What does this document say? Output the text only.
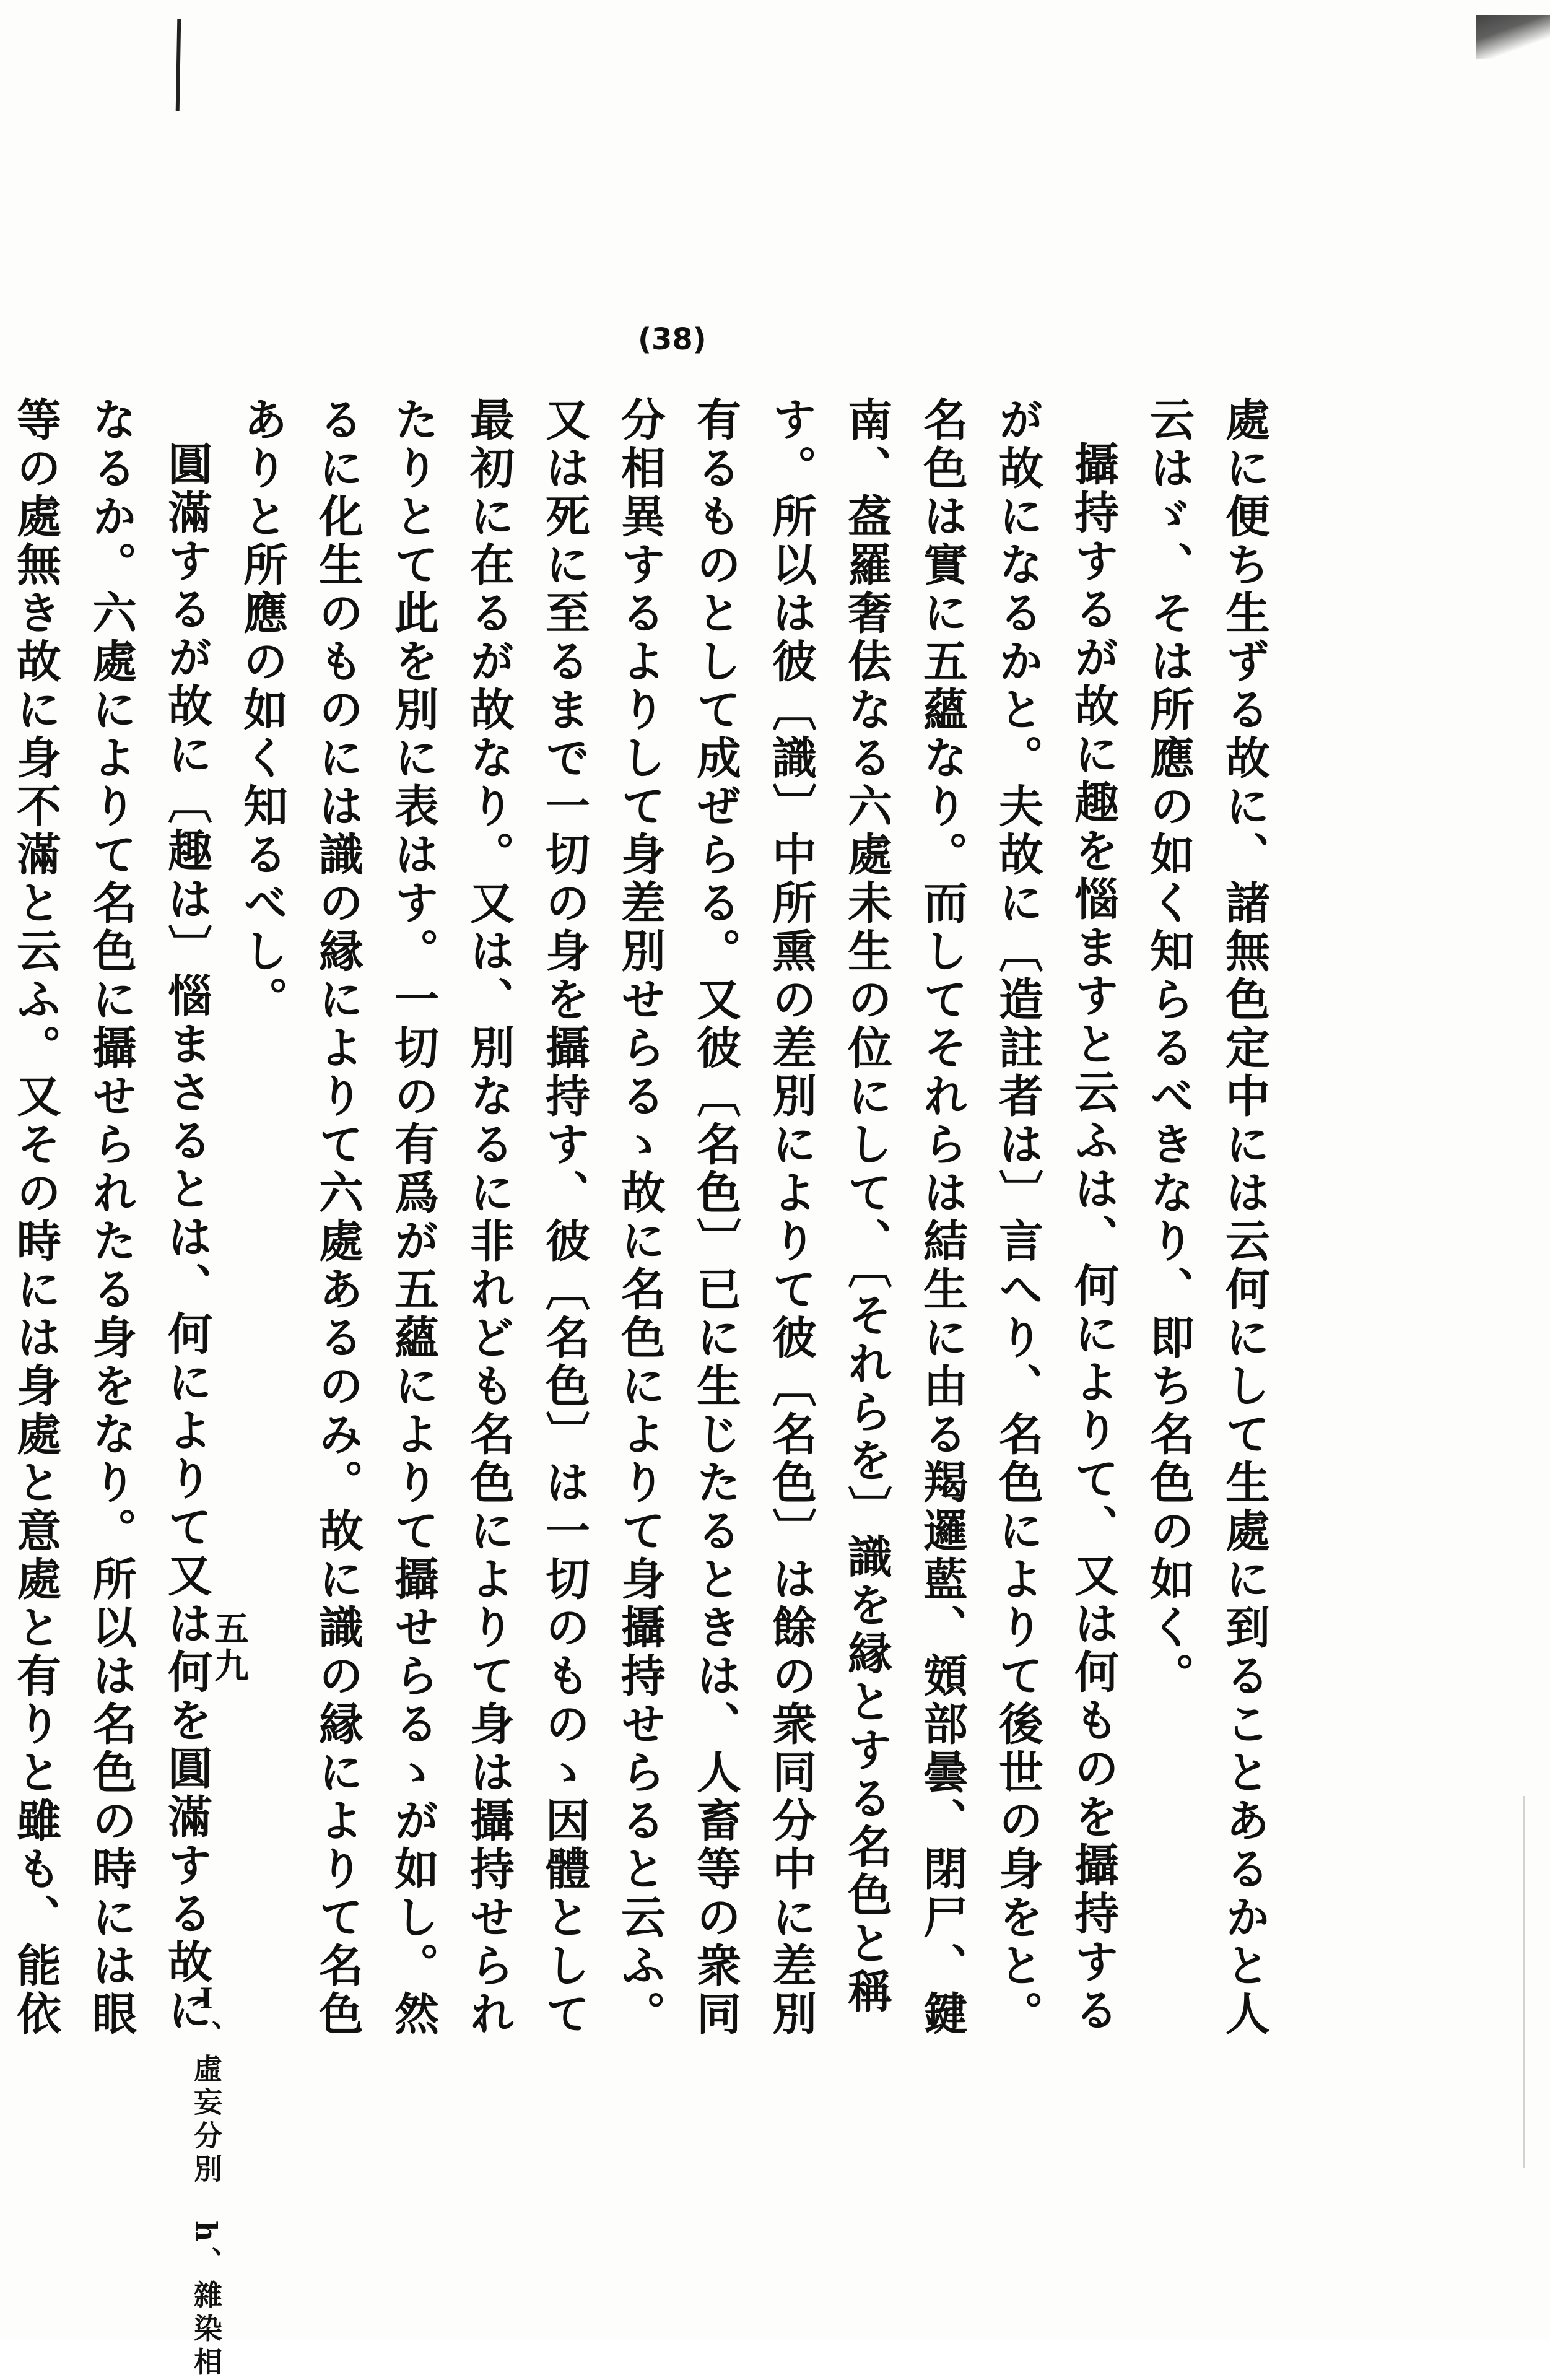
(38)

處に便ち生ずる故に、諸無色定中には云何にして生處に到ることあるかと人云はゞ、そは所應の如く知らるべきなり、即ち名色の如く。

攝持するが故に趣を惱ますと云ふは、何によりて、又は何ものを攝持するが故になるかと。夫故に〔造註者は〕言へり、名色によりて後世の身をと。名色は實に五蘊なり。而してそれらは結生に由る羯邏藍、頞部曇、閉尸、鍵南、盋羅奢佉なる六處未生の位にして、〔それらを〕識を縁とする名色と稱す。所以は彼〔識〕中所熏の差別によりて彼〔名色〕は餘の衆同分中に差別有るものとして成ぜらる。又彼〔名色〕已に生じたるときは、人畜等の衆同分相異するよりして身差別せらるゝ故に名色によりて身攝持せらると云ふ。又は死に至るまで一切の身を攝持す、彼〔名色〕は一切のものゝ因體として最初に在るが故なり。又は、別なるに非れども名色によりて身は攝持せられたりとて此を別に表はす。一切の有爲が五蘊によりて攝せらるゝが如し。然るに化生のものには識の縁によりて六處あるのみ。故に識の縁によりて名色ありと所應の如く知るべし。

圓滿するが故に〔趣は〕惱まさるとは、何によりて又は何を圓滿する故になるか。六處によりて名色に攝せられたる身をなり。所以は名色の時には眼等の處無き故に身不滿と云ふ。又その時には身處と意處と有りと雖も、能依

五九
Ⅰ、虛妄分別　h、雜染相
